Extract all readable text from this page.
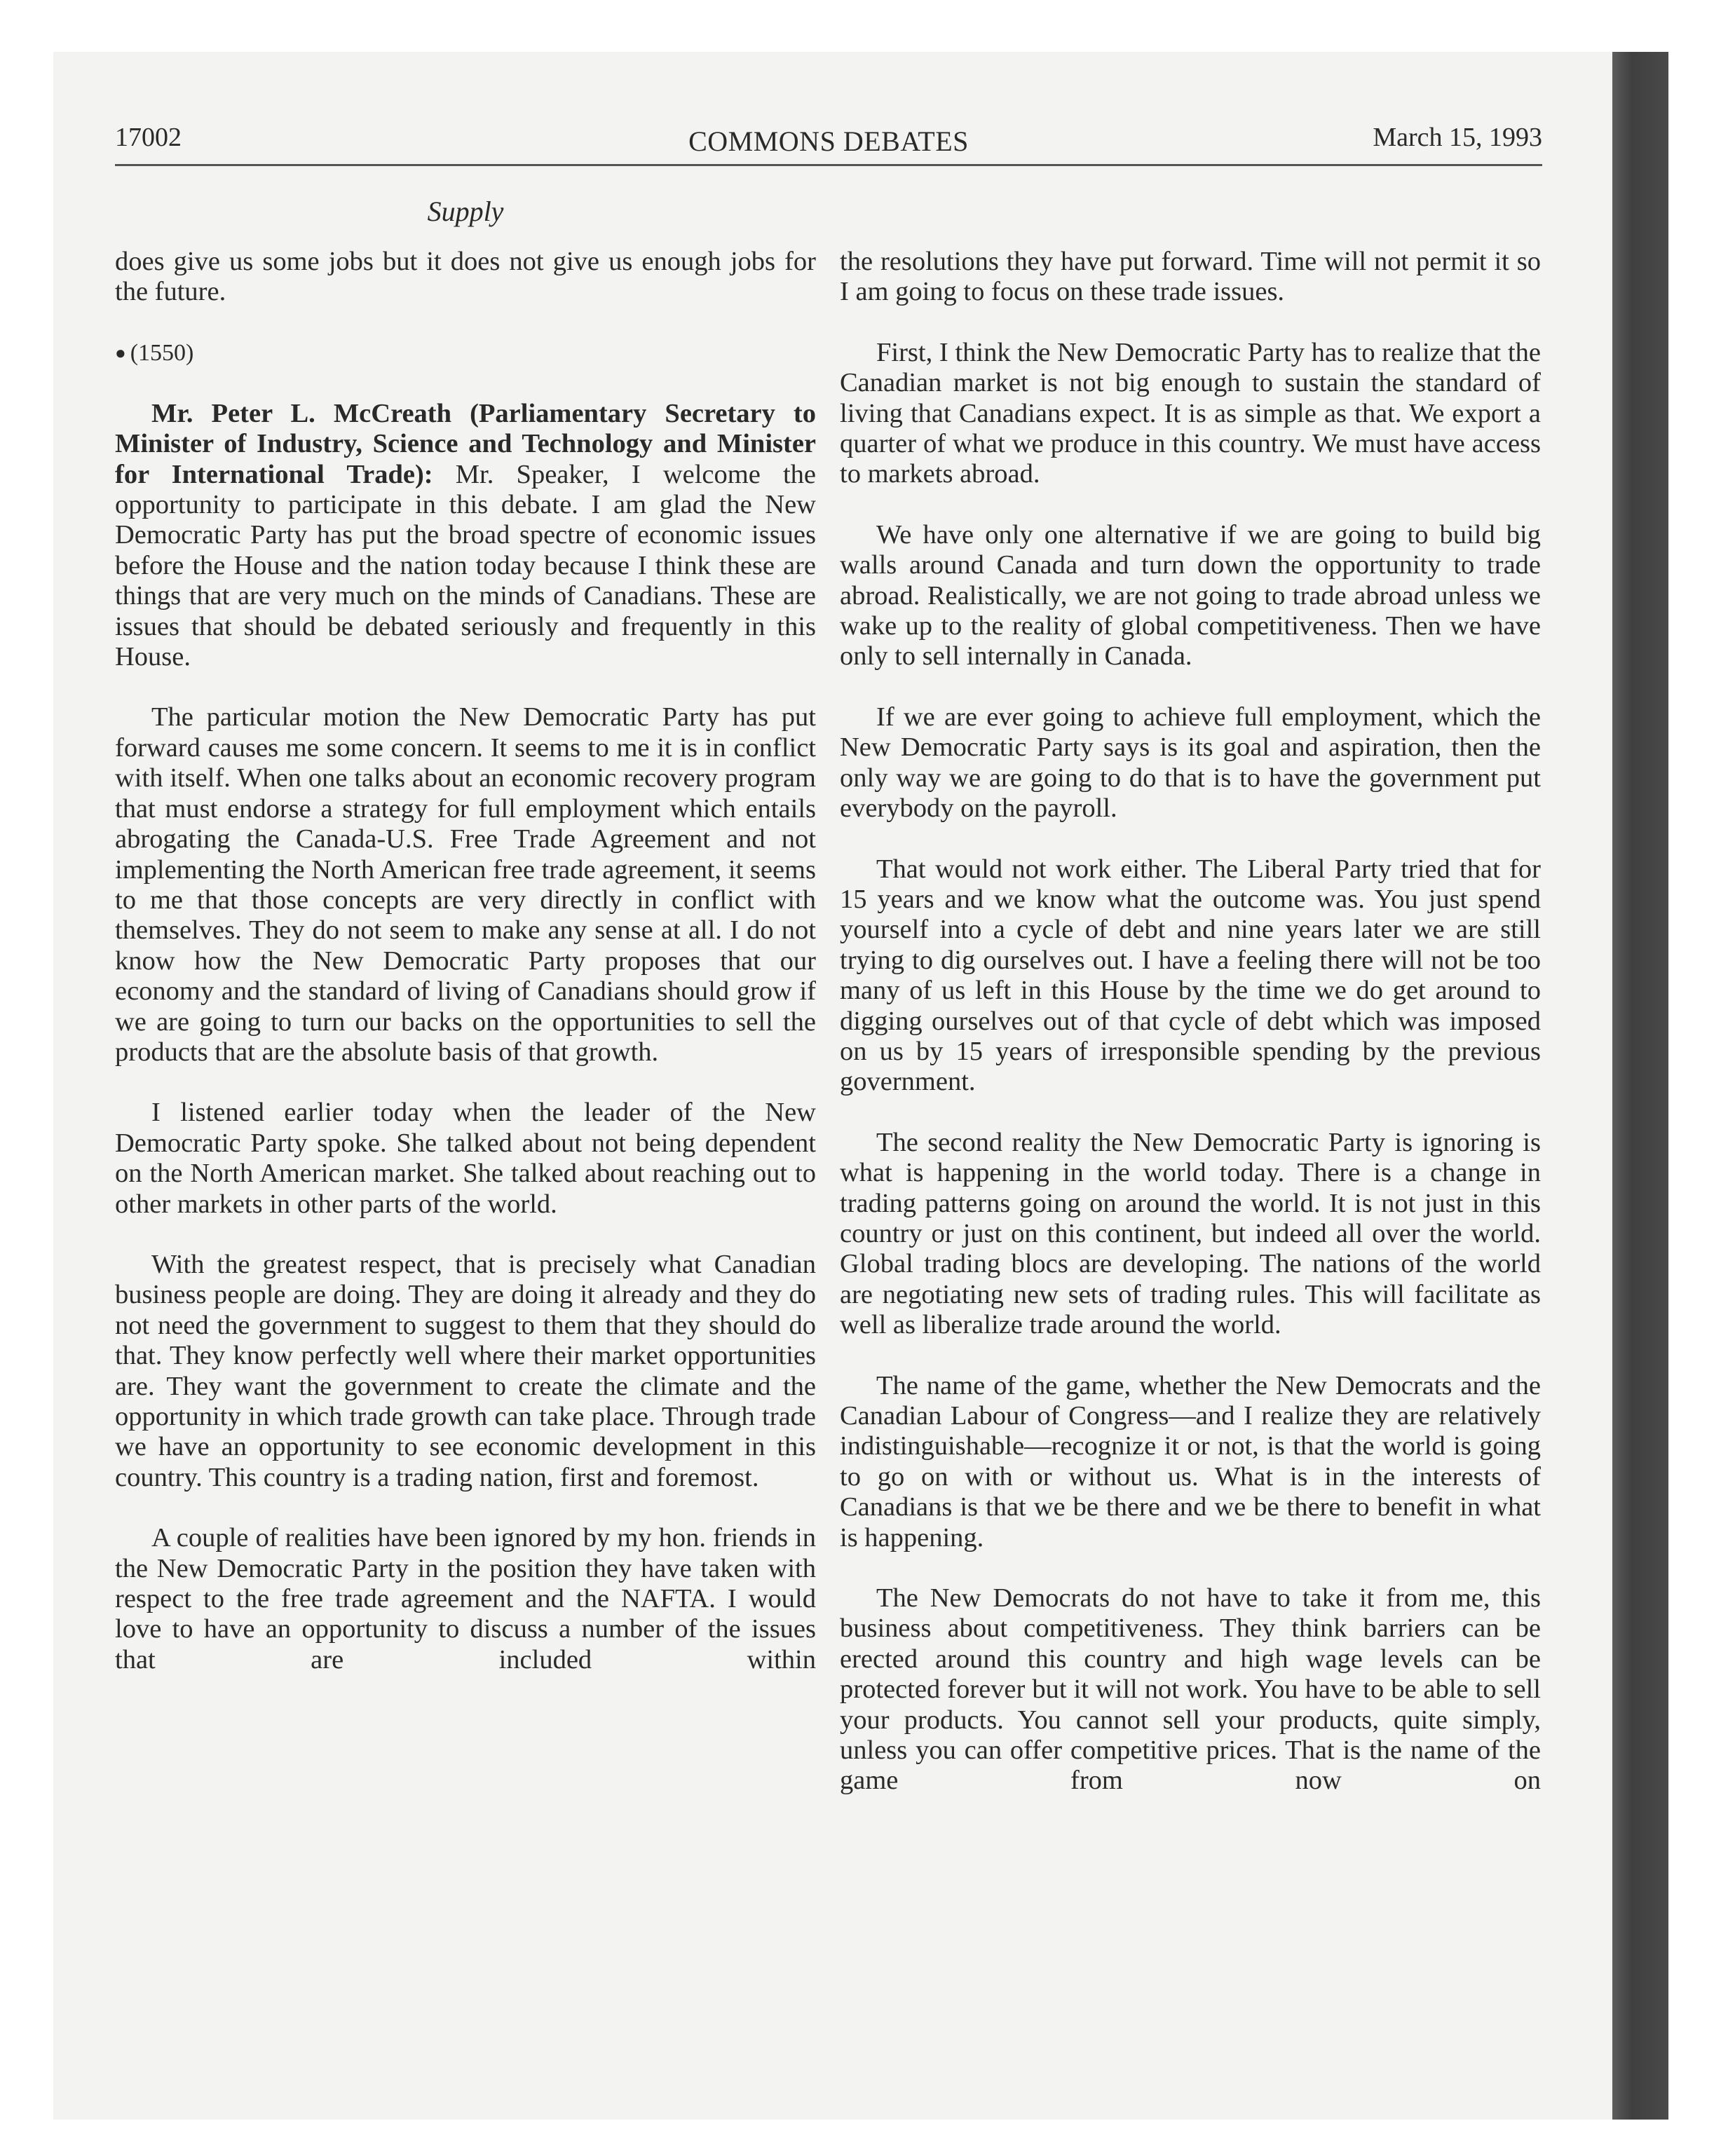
17002	COMMONS DEBATES	March 15, 1993
Supply

does give us some jobs but it does not give us enough jobs for the future.

● (1550)

Mr. Peter L. McCreath (Parliamentary Secretary to Minister of Industry, Science and Technology and Minister for International Trade): Mr. Speaker, I welcome the opportunity to participate in this debate. I am glad the New Democratic Party has put the broad spectre of economic issues before the House and the nation today because I think these are things that are very much on the minds of Canadians. These are issues that should be debated seriously and frequently in this House.

The particular motion the New Democratic Party has put forward causes me some concern. It seems to me it is in conflict with itself. When one talks about an economic recovery program that must endorse a strategy for full employment which entails abrogating the Canada-U.S. Free Trade Agreement and not implementing the North American free trade agreement, it seems to me that those concepts are very directly in conflict with themselves. They do not seem to make any sense at all. I do not know how the New Democratic Party proposes that our economy and the standard of living of Canadians should grow if we are going to turn our backs on the opportunities to sell the products that are the absolute basis of that growth.

I listened earlier today when the leader of the New Democratic Party spoke. She talked about not being dependent on the North American market. She talked about reaching out to other markets in other parts of the world.

With the greatest respect, that is precisely what Canadian business people are doing. They are doing it already and they do not need the government to suggest to them that they should do that. They know perfectly well where their market opportunities are. They want the government to create the climate and the opportunity in which trade growth can take place. Through trade we have an opportunity to see economic development in this country. This country is a trading nation, first and foremost.

A couple of realities have been ignored by my hon. friends in the New Democratic Party in the position they have taken with respect to the free trade agreement and the NAFTA. I would love to have an opportunity to discuss a number of the issues that are included within

the resolutions they have put forward. Time will not permit it so I am going to focus on these trade issues.

First, I think the New Democratic Party has to realize that the Canadian market is not big enough to sustain the standard of living that Canadians expect. It is as simple as that. We export a quarter of what we produce in this country. We must have access to markets abroad.

We have only one alternative if we are going to build big walls around Canada and turn down the opportunity to trade abroad. Realistically, we are not going to trade abroad unless we wake up to the reality of global competitiveness. Then we have only to sell internally in Canada.

If we are ever going to achieve full employment, which the New Democratic Party says is its goal and aspiration, then the only way we are going to do that is to have the government put everybody on the payroll.

That would not work either. The Liberal Party tried that for 15 years and we know what the outcome was. You just spend yourself into a cycle of debt and nine years later we are still trying to dig ourselves out. I have a feeling there will not be too many of us left in this House by the time we do get around to digging ourselves out of that cycle of debt which was imposed on us by 15 years of irresponsible spending by the previous government.

The second reality the New Democratic Party is ignoring is what is happening in the world today. There is a change in trading patterns going on around the world. It is not just in this country or just on this continent, but indeed all over the world. Global trading blocs are developing. The nations of the world are negotiating new sets of trading rules. This will facilitate as well as liberalize trade around the world.

The name of the game, whether the New Democrats and the Canadian Labour of Congress—and I realize they are relatively indistinguishable—recognize it or not, is that the world is going to go on with or without us. What is in the interests of Canadians is that we be there and we be there to benefit in what is happening.

The New Democrats do not have to take it from me, this business about competitiveness. They think barriers can be erected around this country and high wage levels can be protected forever but it will not work. You have to be able to sell your products. You cannot sell your products, quite simply, unless you can offer competitive prices. That is the name of the game from now on
